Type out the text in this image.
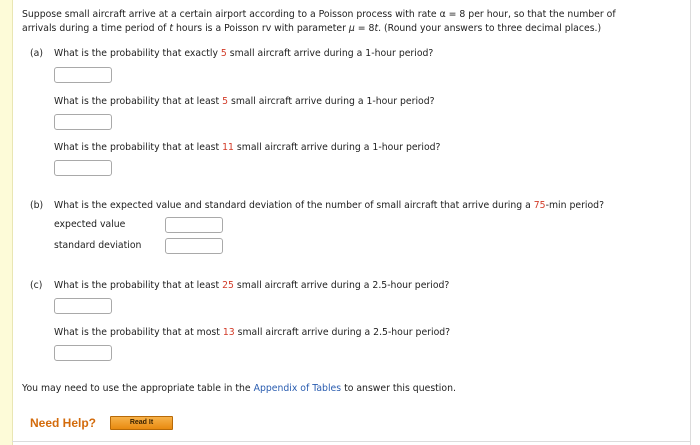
Suppose small aircraft arrive at a certain airport according to a Poisson process with rate α = 8 per hour, so that the number of
arrivals during a time period of t hours is a Poisson rv with parameter μ = 8t. (Round your answers to three decimal places.)
(a) What is the probability that exactly 5 small aircraft arrive during a 1-hour period?
What is the probability that at least 5 small aircraft arrive during a 1-hour period?
What is the probability that at least 11 small aircraft arrive during a 1-hour period?
(b) What is the expected value and standard deviation of the number of small aircraft that arrive during a 75-min period?
expected value
standard deviation
(c) What is the probability that at least 25 small aircraft arrive during a 2.5-hour period?
What is the probability that at most 13 small aircraft arrive during a 2.5-hour period?
You may need to use the appropriate table in the Appendix of Tables to answer this question.
Need Help?	Read It
